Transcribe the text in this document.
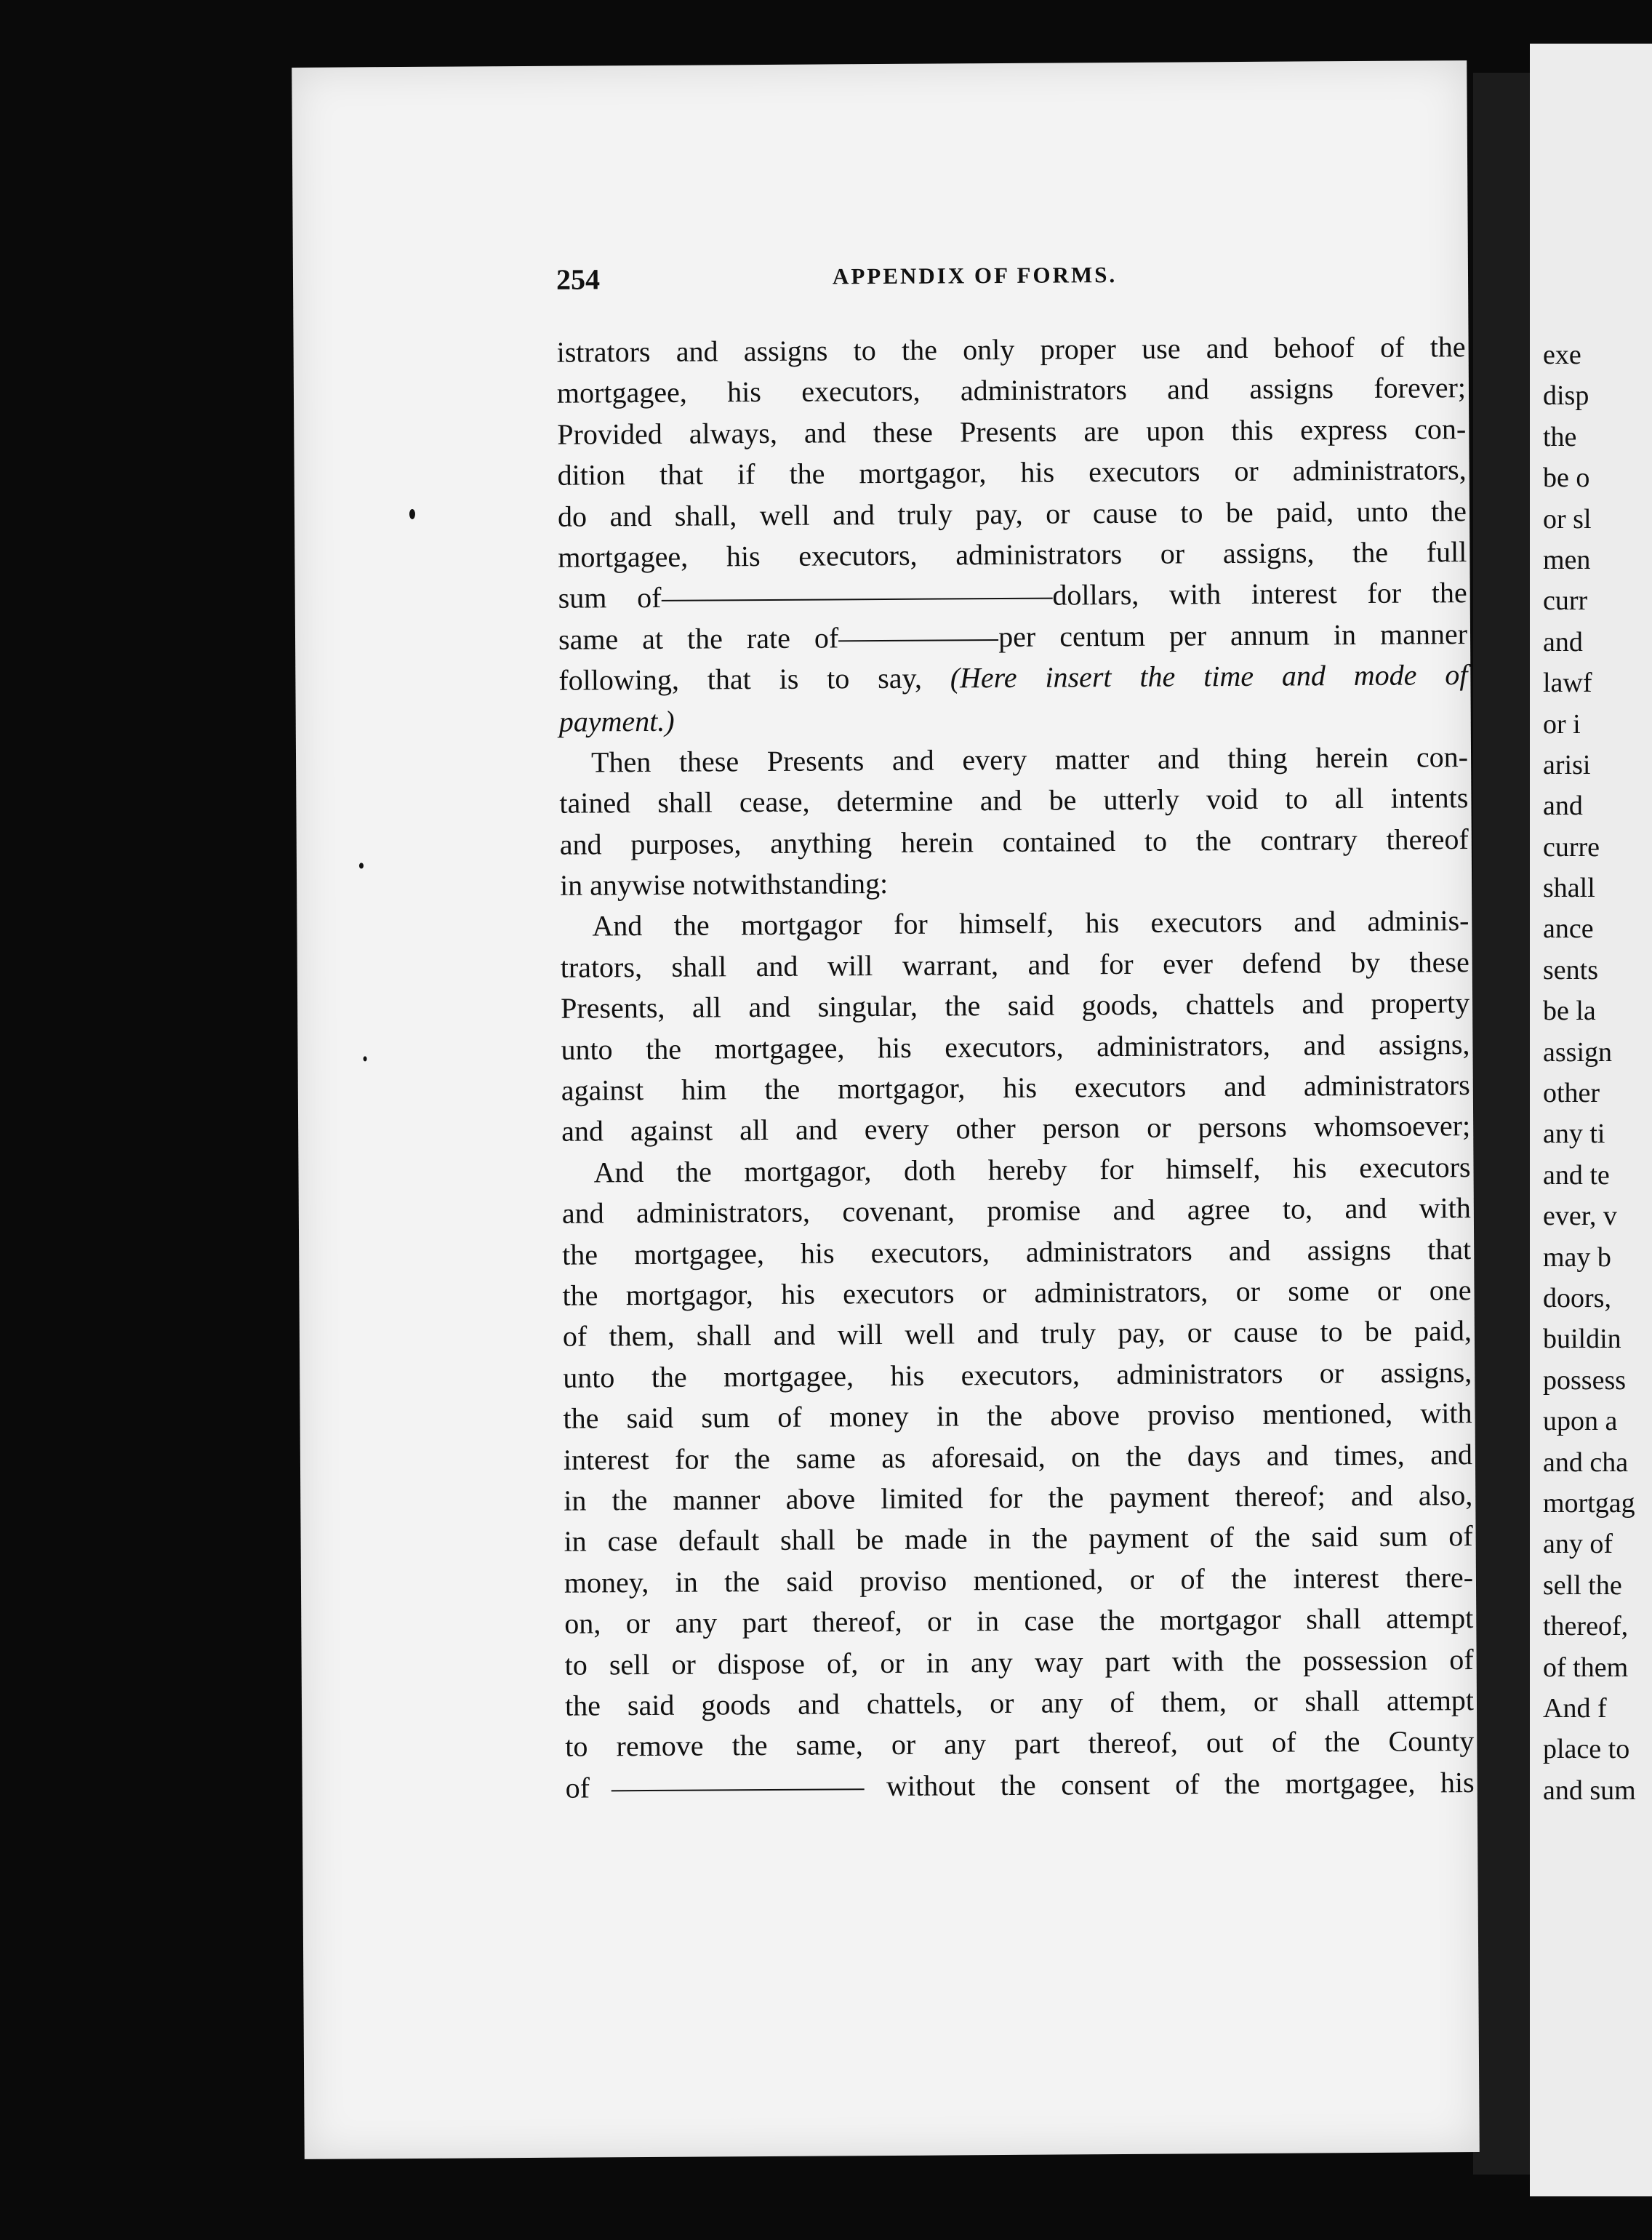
exe
disp
the
be o
or sl
men
curr
and
lawf
or i
arisi
and
curre
shall
ance
sents
be la
assign
other
any ti
and te
ever, v
may b
doors,
buildin
possess
upon a
and cha
mortgag
any of
sell the
thereof,
of them
And f
place to
and sum
254	APPENDIX OF FORMS.
istrators and assigns to the only proper use and behoof of the
mortgagee, his executors, administrators and assigns forever;
Provided always, and these Presents are upon this express con-
dition that if the mortgagor, his executors or administrators,
do and shall, well and truly pay, or cause to be paid, unto the
mortgagee, his executors, administrators or assigns, the full
sum of	dollars, with interest for the
same at the rate of	per centum per annum in manner
following, that is to say, (Here insert the time and mode of
payment.)
Then these Presents and every matter and thing herein con-
tained shall cease, determine and be utterly void to all intents
and purposes, anything herein contained to the contrary thereof
in anywise notwithstanding:
And the mortgagor for himself, his executors and adminis-
trators, shall and will warrant, and for ever defend by these
Presents, all and singular, the said goods, chattels and property
unto the mortgagee, his executors, administrators, and assigns,
against him the mortgagor, his executors and administrators
and against all and every other person or persons whomsoever;
And the mortgagor, doth hereby for himself, his executors
and administrators, covenant, promise and agree to, and with
the mortgagee, his executors, administrators and assigns that
the mortgagor, his executors or administrators, or some or one
of them, shall and will well and truly pay, or cause to be paid,
unto the mortgagee, his executors, administrators or assigns,
the said sum of money in the above proviso mentioned, with
interest for the same as aforesaid, on the days and times, and
in the manner above limited for the payment thereof; and also,
in case default shall be made in the payment of the said sum of
money, in the said proviso mentioned, or of the interest there-
on, or any part thereof, or in case the mortgagor shall attempt
to sell or dispose of, or in any way part with the possession of
the said goods and chattels, or any of them, or shall attempt
to remove the same, or any part thereof, out of the County
of	without the consent of the mortgagee, his
